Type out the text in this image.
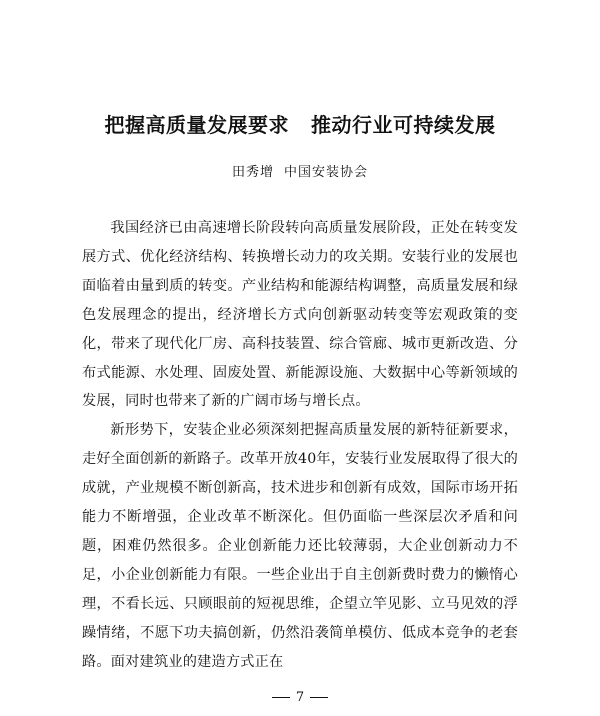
把握高质量发展要求 推动行业可持续发展
田秀增 中国安装协会

我国经济已由高速增长阶段转向高质量发展阶段，正处在转变发展方式、优化经济结构、转换增长动力的攻关期。安装行业的发展也面临着由量到质的转变。产业结构和能源结构调整，高质量发展和绿色发展理念的提出，经济增长方式向创新驱动转变等宏观政策的变化，带来了现代化厂房、高科技装置、综合管廊、城市更新改造、分布式能源、水处理、固废处置、新能源设施、大数据中心等新领域的发展，同时也带来了新的广阔市场与增长点。

新形势下，安装企业必须深刻把握高质量发展的新特征新要求，走好全面创新的新路子。改革开放40年，安装行业发展取得了很大的成就，产业规模不断创新高，技术进步和创新有成效，国际市场开拓能力不断增强，企业改革不断深化。但仍面临一些深层次矛盾和问题，困难仍然很多。企业创新能力还比较薄弱，大企业创新动力不足，小企业创新能力有限。一些企业出于自主创新费时费力的懒惰心理，不看长远、只顾眼前的短视思维，企望立竿见影、立马见效的浮躁情绪，不愿下功夫搞创新，仍然沿袭简单模仿、低成本竞争的老套路。面对建筑业的建造方式正在

7
